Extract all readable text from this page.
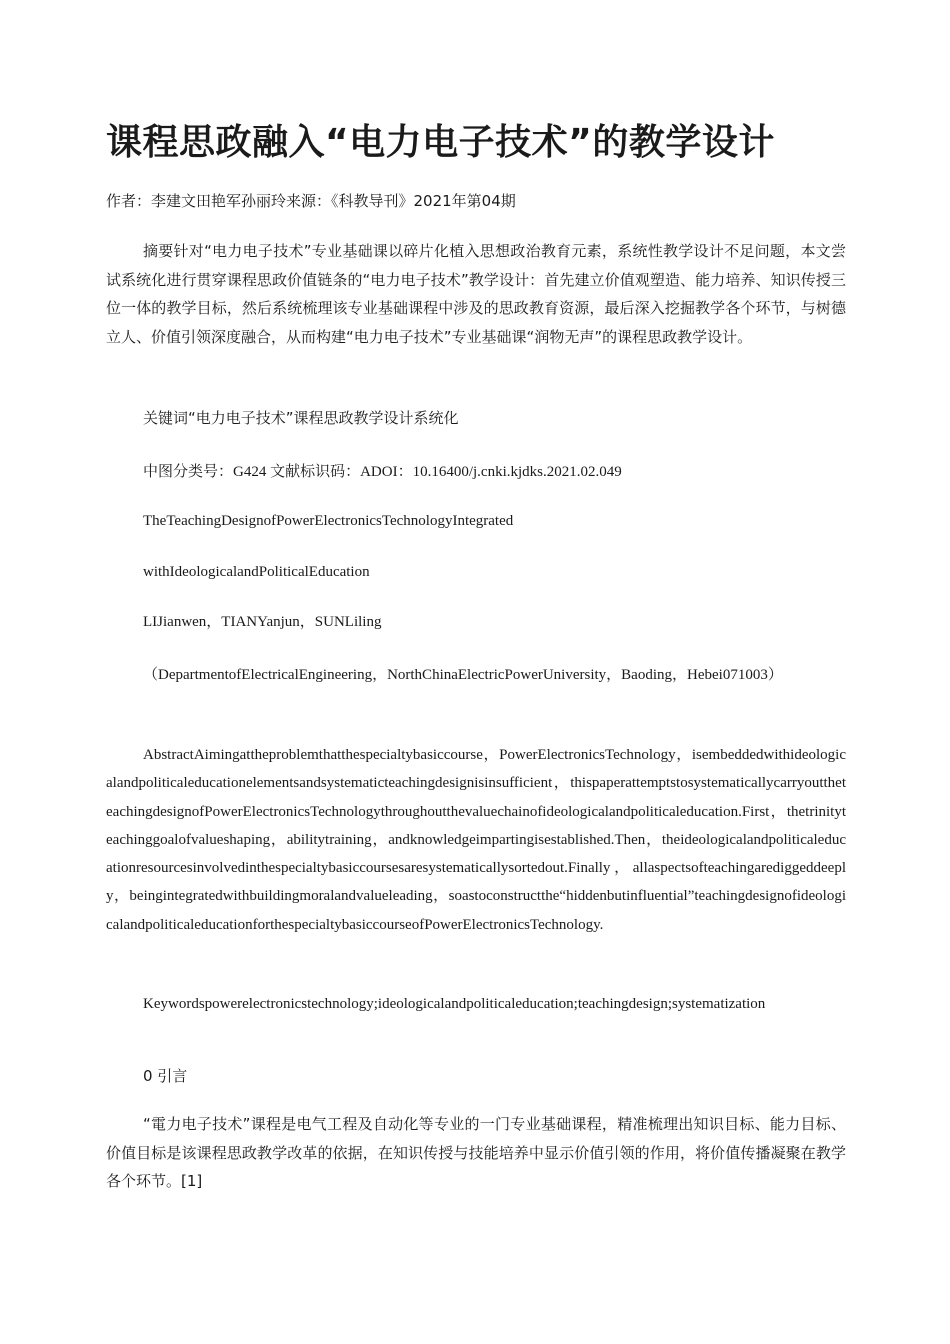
课程思政融入“电力电子技术”的教学设计

作者：李建文田艳军孙丽玲来源：《科教导刊》2021年第04期

摘要针对“电力电子技术”专业基础课以碎片化植入思想政治教育元素，系统性教学设计不足问题，本文尝试系统化进行贯穿课程思政价值链条的“电力电子技术”教学设计：首先建立价值观塑造、能力培养、知识传授三位一体的教学目标，然后系统梳理该专业基础课程中涉及的思政教育资源，最后深入挖掘教学各个环节，与树德立人、价值引领深度融合，从而构建“电力电子技术”专业基础课“润物无声”的课程思政教学设计。

关键词“电力电子技术”课程思政教学设计系统化

中图分类号：G424 文献标识码：ADOI：10.16400/j.cnki.kjdks.2021.02.049

TheTeachingDesignofPowerElectronicsTechnologyIntegrated

withIdeologicalandPoliticalEducation

LIJianwen，TIANYanjun，SUNLiling

（DepartmentofElectricalEngineering，NorthChinaElectricPowerUniversity，Baoding，Hebei071003）

AbstractAimingattheproblemthatthespecialtybasiccourse，PowerElectronicsTechnology，isembeddedwithideologicalandpoliticaleducationelementsandsystematicteachingdesignisinsufficient，thispaperattemptstosystematicallycarryouttheteachingdesignofPowerElectronicsTechnologythroughoutthevaluechainofideologicalandpoliticaleducation.First，thetrinityteachinggoalofvalueshaping，abilitytraining，andknowledgeimpartingisestablished.Then，theideologicalandpoliticaleducationresourcesinvolvedinthespecialtybasiccoursesaresystematicallysortedout.Finally，allaspectsofteachingarediggeddeeply，beingintegratedwithbuildingmoralandvalueleading，soastoconstructthe“hiddenbutinfluential”teachingdesignofideologicalandpoliticaleducationforthespecialtybasiccourseofPowerElectronicsTechnology.

Keywordspowerelectronicstechnology;ideologicalandpoliticaleducation;teachingdesign;systematization

0 引言

“電力电子技术”课程是电气工程及自动化等专业的一门专业基础课程，精准梳理出知识目标、能力目标、价值目标是该课程思政教学改革的依据，在知识传授与技能培养中显示价值引领的作用，将价值传播凝聚在教学各个环节。[1]
